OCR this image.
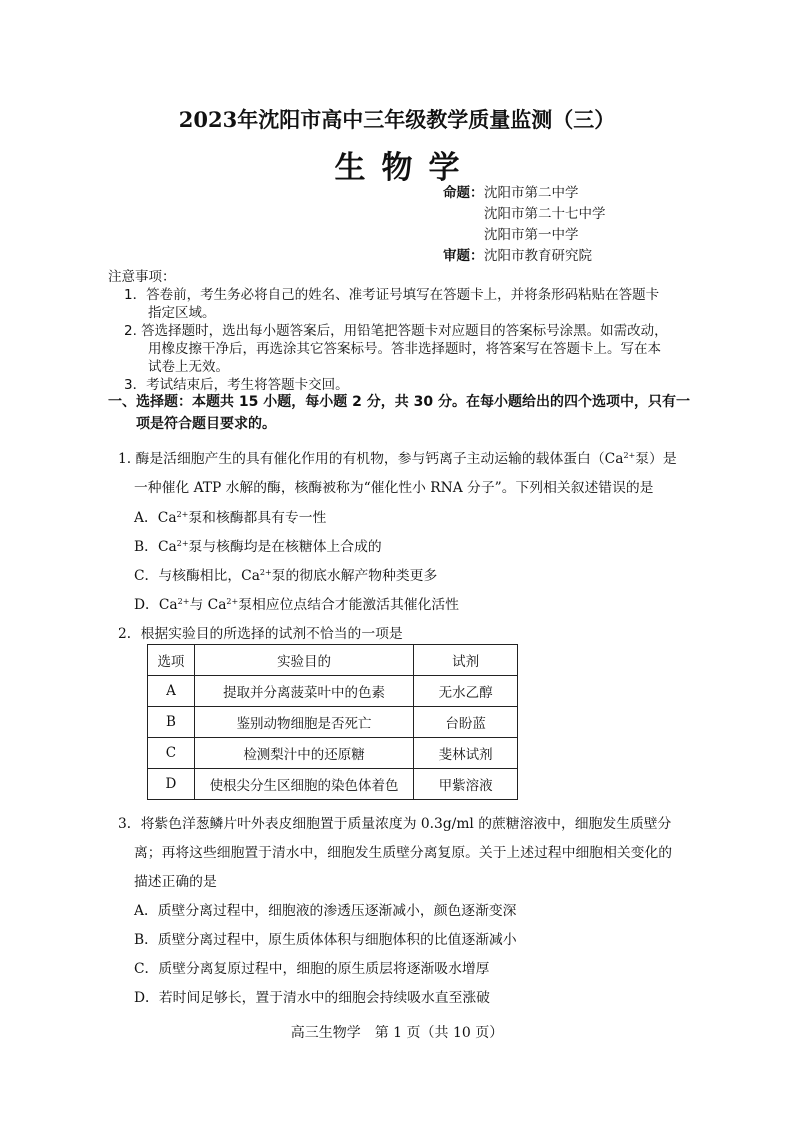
2023年沈阳市高中三年级教学质量监测（三）
生物学
命题： 沈阳市第二中学
沈阳市第二十七中学
沈阳市第一中学
审题： 沈阳市教育研究院
注意事项：
1．答卷前，考生务必将自己的姓名、准考证号填写在答题卡上，并将条形码粘贴在答题卡
指定区域。
2. 答选择题时，选出每小题答案后，用铅笔把答题卡对应题目的答案标号涂黑。如需改动，
用橡皮擦干净后，再选涂其它答案标号。答非选择题时，将答案写在答题卡上。写在本
试卷上无效。
3．考试结束后，考生将答题卡交回。
一、选择题：本题共 15 小题，每小题 2 分，共 30 分。在每小题给出的四个选项中，只有一
项是符合题目要求的。
1. 酶是活细胞产生的具有催化作用的有机物，参与钙离子主动运输的载体蛋白（$Ca^{2+}$泵）是
一种催化 ATP 水解的酶，核酶被称为“催化性小 RNA 分子”。下列相关叙述错误的是
A．$Ca^{2+}$泵和核酶都具有专一性
B．$Ca^{2+}$泵与核酶均是在核糖体上合成的
C．与核酶相比，$Ca^{2+}$泵的彻底水解产物种类更多
D．$Ca^{2+}$与 $Ca^{2+}$泵相应位点结合才能激活其催化活性
2．根据实验目的所选择的试剂不恰当的一项是
选项	实验目的	试剂
A	提取并分离菠菜叶中的色素	无水乙醇
B	鉴别动物细胞是否死亡	台盼蓝
C	检测梨汁中的还原糖	斐林试剂
D	使根尖分生区细胞的染色体着色	甲紫溶液
3．将紫色洋葱鳞片叶外表皮细胞置于质量浓度为 0.3g/ml 的蔗糖溶液中，细胞发生质壁分
离；再将这些细胞置于清水中，细胞发生质壁分离复原。关于上述过程中细胞相关变化的
描述正确的是
A．质壁分离过程中，细胞液的渗透压逐渐减小，颜色逐渐变深
B．质壁分离过程中，原生质体体积与细胞体积的比值逐渐减小
C．质壁分离复原过程中，细胞的原生质层将逐渐吸水增厚
D．若时间足够长，置于清水中的细胞会持续吸水直至涨破
高三生物学　第 1 页（共 10 页）
